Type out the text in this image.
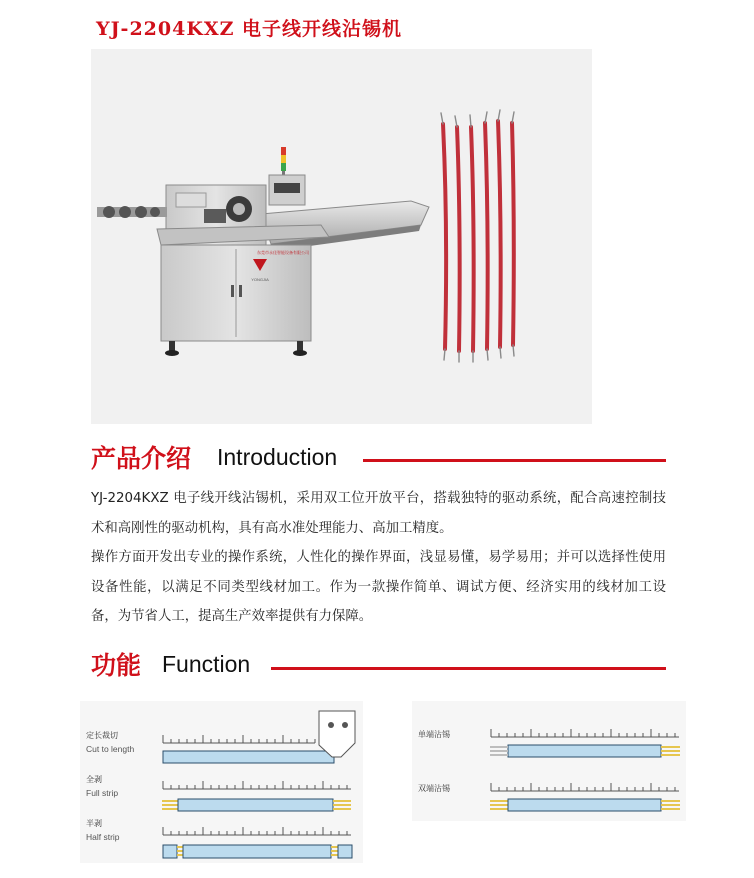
YJ-2204KXZ 电子线开线沾锡机
YONGJIA
东莞市永佳智能设备有限公司
产品介绍 Introduction

YJ-2204KXZ 电子线开线沾锡机，采用双工位开放平台，搭载独特的驱动系统，配合高速控制技术和高刚性的驱动机构，具有高水准处理能力、高加工精度。

操作方面开发出专业的操作系统，人性化的操作界面，浅显易懂，易学易用；并可以选择性使用设备性能，以满足不同类型线材加工。作为一款操作简单、调试方便、经济实用的线材加工设备，为节省人工，提高生产效率提供有力保障。

功能 Function
定长裁切
Cut to length
全剥
Full strip
半剥
Half strip
单端沾锡
双端沾锡
